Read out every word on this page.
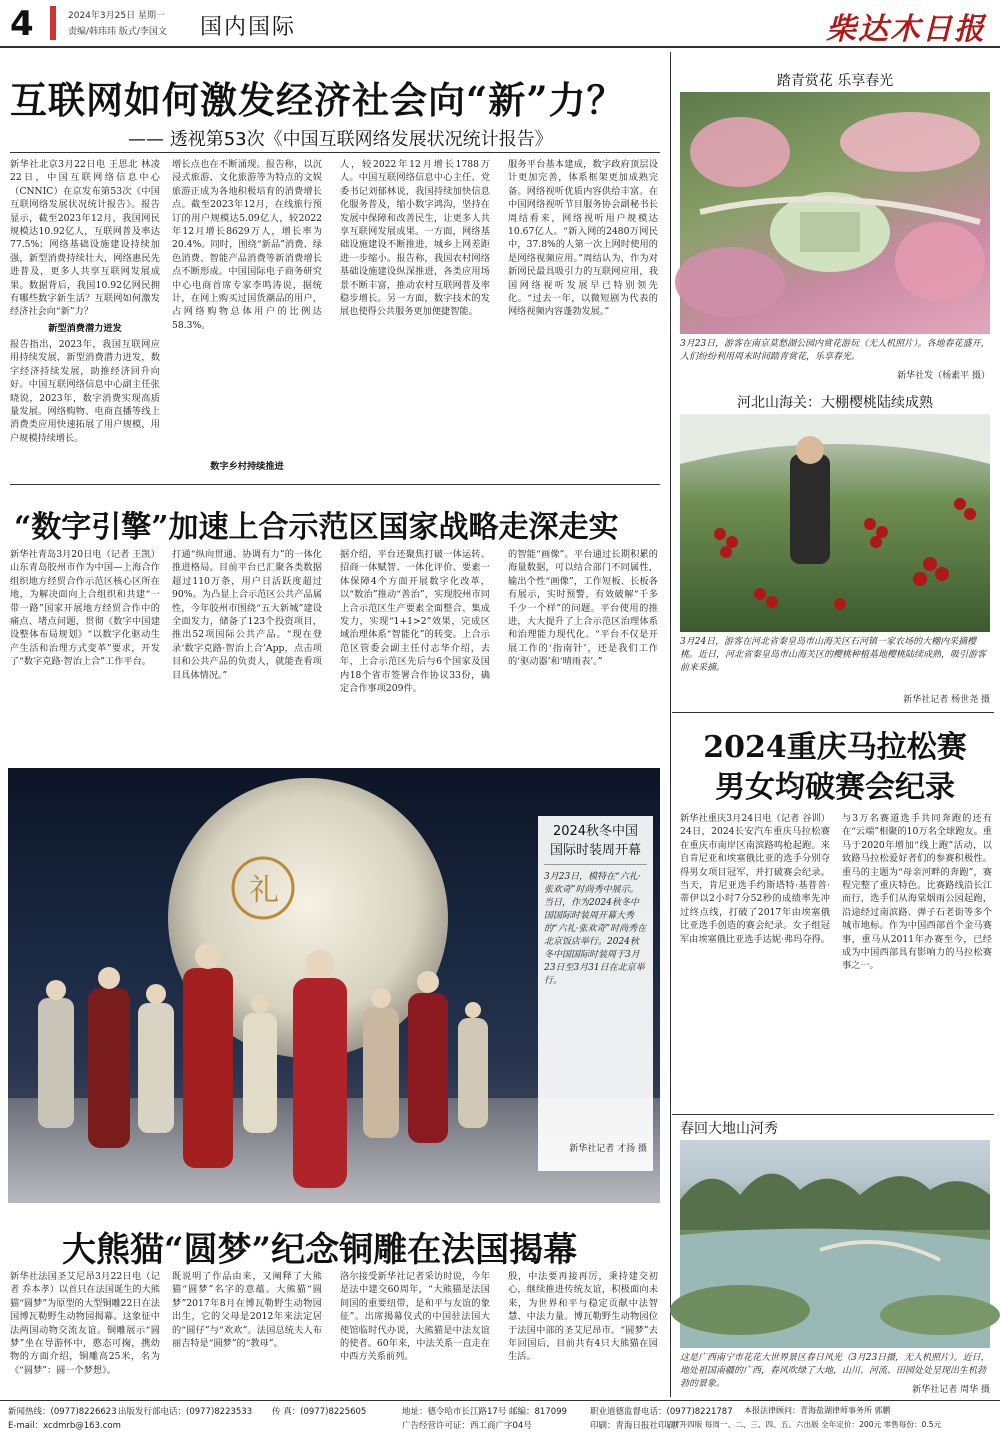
4	2024年3月25日 星期一
责编/韩玮玮 版式/李国文 国内国际	柴达木日报
互联网如何激发经济社会向“新”力？
—— 透视第53次《中国互联网络发展状况统计报告》
新华社北京3月22日电 王思北 林凌 22日，中国互联网络信息中心（CNNIC）在京发布第53次《中国互联网络发展状况统计报告》。报告显示，截至2023年12月，我国网民规模达10.92亿人，互联网普及率达77.5%；网络基础设施建设持续加强，新型消费持续壮大，网络惠民先进普及，更多人共享互联网发展成果。数据背后，我国10.92亿网民拥有哪些数字新生活？互联网如何激发经济社会向“新”力？
新型消费潜力迸发
报告指出，2023年，我国互联网应用持续发展，新型消费潜力迸发，数字经济持续发展，助推经济回升向好。中国互联网络信息中心副主任张晓说，2023年，数字消费实现高质量发展。网络购物、电商直播等线上消费类应用快速拓展了用户规模，用户规模持续增长。
增长点也在不断涌现。报告称，以沉浸式旅游、文化旅游等为特点的文娱旅游正成为各地积极培育的消费增长点。截至2023年12月，在线旅行预订的用户规模达5.09亿人，较2022年12月增长8629万人，增长率为20.4%。同时，围绕“新品”消费、绿色消费、智能产品消费等新消费增长点不断形成。中国国际电子商务研究中心电商首席专家李鸣涛说，据统计，在网上购买过国货潮品的用户，占网络购物总体用户的比例达58.3%。
数字乡村持续推进
人，较2022年12月增长1788万人。中国互联网络信息中心主任、党委书记刘郁林说，我国持续加快信息化服务普及，缩小数字鸿沟，坚持在发展中保障和改善民生，让更多人共享互联网发展成果。一方面，网络基础设施建设不断推进，城乡上网差距进一步缩小。报告称，我国农村网络基础设施建设纵深推进，各类应用场景不断丰富，推动农村互联网普及率稳步增长。另一方面，数字技术的发展也使得公共服务更加便捷智能。
服务平台基本建成，数字政府顶层设计更加完善，体系框架更加成熟完备。网络视听优质内容供给丰富。在中国网络视听节目服务协会副秘书长周结看来，网络视听用户规模达10.67亿人。“新入网的2480万网民中，37.8%的人第一次上网时使用的是网络视频应用。”周结认为，作为对新网民最具吸引力的互联网应用，我国网络视听发展早已特别领先化。“过去一年，以微短剧为代表的网络视频内容蓬勃发展。”
“数字引擎”加速上合示范区国家战略走深走实
新华社青岛3月20日电（记者 王凯）山东青岛胶州市作为中国—上海合作组织地方经贸合作示范区核心区所在地，为解决面向上合组织和共建“一带一路”国家开展地方经贸合作中的痛点、堵点问题，贯彻《数字中国建设整体布局规划》“以数字化驱动生产生活和治理方式变革”要求，开发了“数字克路·智治上合”工作平台。
打通“纵向贯通、协调有力”的一体化推进格局。目前平台已汇聚各类数据超过110万条，用户日活跃度超过90%。为凸显上合示范区公共产品属性，今年胶州市围绕“五大新城”建设全面发力，储备了123个投资项目，推出52项国际公共产品。“现在登录‘数字克路·智治上合’App，点击项目和公共产品的负责人，就能查看项目具体情况。”
据介绍，平台还聚焦打破一体运转、招商一体赋智、一体化评价、要素一体保障4个方面开展数字化改革，以“数治”推动“善治”，实现胶州市同上合示范区生产要素全面整合、集成发力，实现“1+1>2”效果，完成区域治理体系“智能化”的转变。上合示范区管委会副主任付志华介绍，去年，上合示范区先后与6个国家及国内18个省市签署合作协议33份，确定合作事项209件。
的智能“画像”。平台通过长期积累的海量数据，可以结合部门不同属性，输出个性“画像”，工作短板、长板各有展示，实时预警，有效破解“千多千少一个样”的问题。平台使用的推进，大大提升了上合示范区治理体系和治理能力现代化。“平台不仅是开展工作的‘指南针’，还是我们工作的‘驱动器’和‘晴雨表’。”
礼
2024秋冬中国
国际时装周开幕
3月23日，模特在“六礼·张欢奇”时尚秀中展示。当日，作为2024秋冬中国国际时装周开幕大秀的“六礼·张欢奇”时尚秀在北京饭店举行。2024秋冬中国国际时装周于3月23日至3月31日在北京举行。
新华社记者 才扬 摄
大熊猫“圆梦”纪念铜雕在法国揭幕
新华社法国圣艾尼昂3月22日电（记者 乔本孝）以首只在法国诞生的大熊猫“圆梦”为原型的大型铜雕22日在法国博瓦勒野生动物园揭幕。这象征中法两国动物交流友谊。铜雕展示“圆梦”坐在导游怀中，憨态可掬，携幼物的方面介绍，铜雕高25米，名为《“圆梦”：圆一个梦想》。
既说明了作品由来，又阐释了大熊猫“圆梦”名字的意蕴。大熊猫“圆梦”2017年8月在博瓦勒野生动物园出生，它的父母是2012年来法定居的“圆仔”与“欢欢”。法国总统夫人布丽吉特是“圆梦”的“教母”。
洛尔接受新华社记者采访时说，今年是法中建交60周年，“大熊猫是法国间国的重要纽带，是和平与友谊的象征”。出席揭幕仪式的中国驻法国大使馆临时代办说，大熊猫是中法友谊的使者。60年来，中法关系一直走在中西方关系前列。
殷，中法要再接再厉，秉持建交初心，继续推进传统友谊，积极面向未来，为世界和平与稳定贡献中法智慧、中法力量。博瓦勒野生动物园位于法国中部的圣艾尼昂市。“圆梦”去年回国后，目前共有4只大熊猫在园生活。
踏青赏花 乐享春光
3月23日，游客在南京莫愁湖公园内赏花游玩（无人机照片）。各地春花盛开，人们纷纷利用周末时间踏青赏花，乐享春光。
新华社发（杨素平 摄）
河北山海关：大棚樱桃陆续成熟
3月24日，游客在河北省秦皇岛市山海关区石河镇一家农场的大棚内采摘樱桃。近日，河北省秦皇岛市山海关区的樱桃种植基地樱桃陆续成熟，吸引游客前来采摘。
新华社记者 杨世尧 摄
2024重庆马拉松赛
男女均破赛会纪录
新华社重庆3月24日电（记者 谷训）24日，2024长安汽车重庆马拉松赛在重庆市南岸区南滨路鸣枪起跑。来自肯尼亚和埃塞俄比亚的选手分别夺得男女项目冠军，并打破赛会纪录。当天，肯尼亚选手约斯塔特·基普普·蒂伊以2小时7分52秒的成绩率先冲过终点线，打破了2017年由埃塞俄比亚选手创造的赛会纪录。女子组冠军由埃塞俄比亚选手达妮·弗玛夺得。
与3万名赛道选手共同奔跑的还有在“云端”相聚的10万名全球跑友。重马于2020年增加“线上跑”活动，以致路马拉松爱好者们的参赛积极性。重马的主题为“母亲河畔的奔跑”，赛程完整了重庆特色。比赛路线沿长江而行，选手们从海棠烟雨公园起跑，沿途经过南滨路、弹子石老街等多个城市地标。作为中国西部首个金马赛事，重马从2011年办赛至今，已经成为中国西部具有影响力的马拉松赛事之一。
春回大地山河秀
这是广西南宁市花花大世界景区春日风光（3月23日摄，无人机照片）。近日，地处祖国南疆的广西，春风吹绿了大地，山川、河流、田园处处呈现出生机勃勃的景象。
新华社记者 周华 摄
新闻热线：(0977)8226623
E-mail：xcdmrb@163.com
出版发行部电话：(0977)8223533 传 真：(0977)8225605	地址：德令哈市长江路17号 邮编：817099
广告经营许可证：西工商广字04号
职业道德监督电话：(0977)8221787
印刷：青海日报社印刷厂
本报法律顾问：青海盐湖律师事务所 郭鹏
对开四版 每周一、二、三、四、五、六出版 全年定价：200元 零售每份：0.5元
